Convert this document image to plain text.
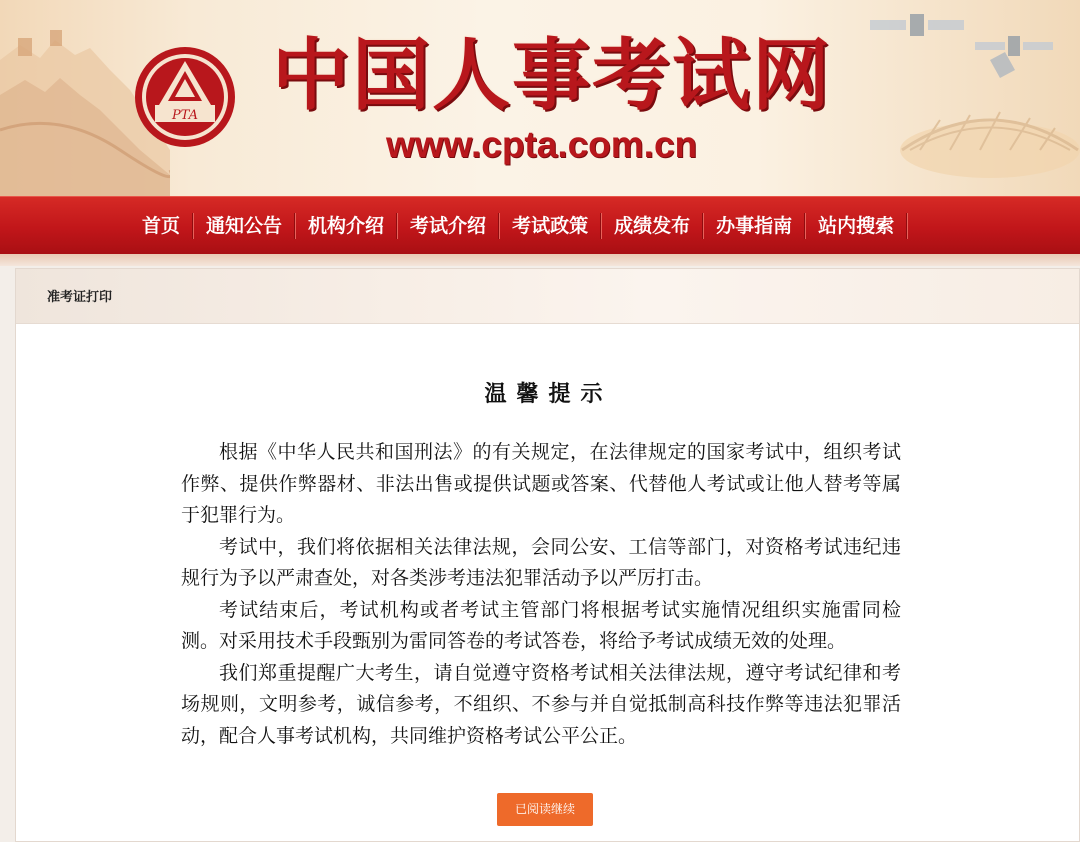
PTA 中国人事考试网
www.cpta.com.cn
首页	通知公告	机构介绍	考试介绍	考试政策	成绩发布	办事指南	站内搜索
准考证打印
温馨提示

根据《中华人民共和国刑法》的有关规定，在法律规定的国家考试中，组织考试作弊、提供作弊器材、非法出售或提供试题或答案、代替他人考试或让他人替考等属于犯罪行为。

考试中，我们将依据相关法律法规，会同公安、工信等部门，对资格考试违纪违规行为予以严肃查处，对各类涉考违法犯罪活动予以严厉打击。

考试结束后，考试机构或者考试主管部门将根据考试实施情况组织实施雷同检测。对采用技术手段甄别为雷同答卷的考试答卷，将给予考试成绩无效的处理。

我们郑重提醒广大考生，请自觉遵守资格考试相关法律法规，遵守考试纪律和考场规则，文明参考，诚信参考，不组织、不参与并自觉抵制高科技作弊等违法犯罪活动，配合人事考试机构，共同维护资格考试公平公正。

已阅读继续
